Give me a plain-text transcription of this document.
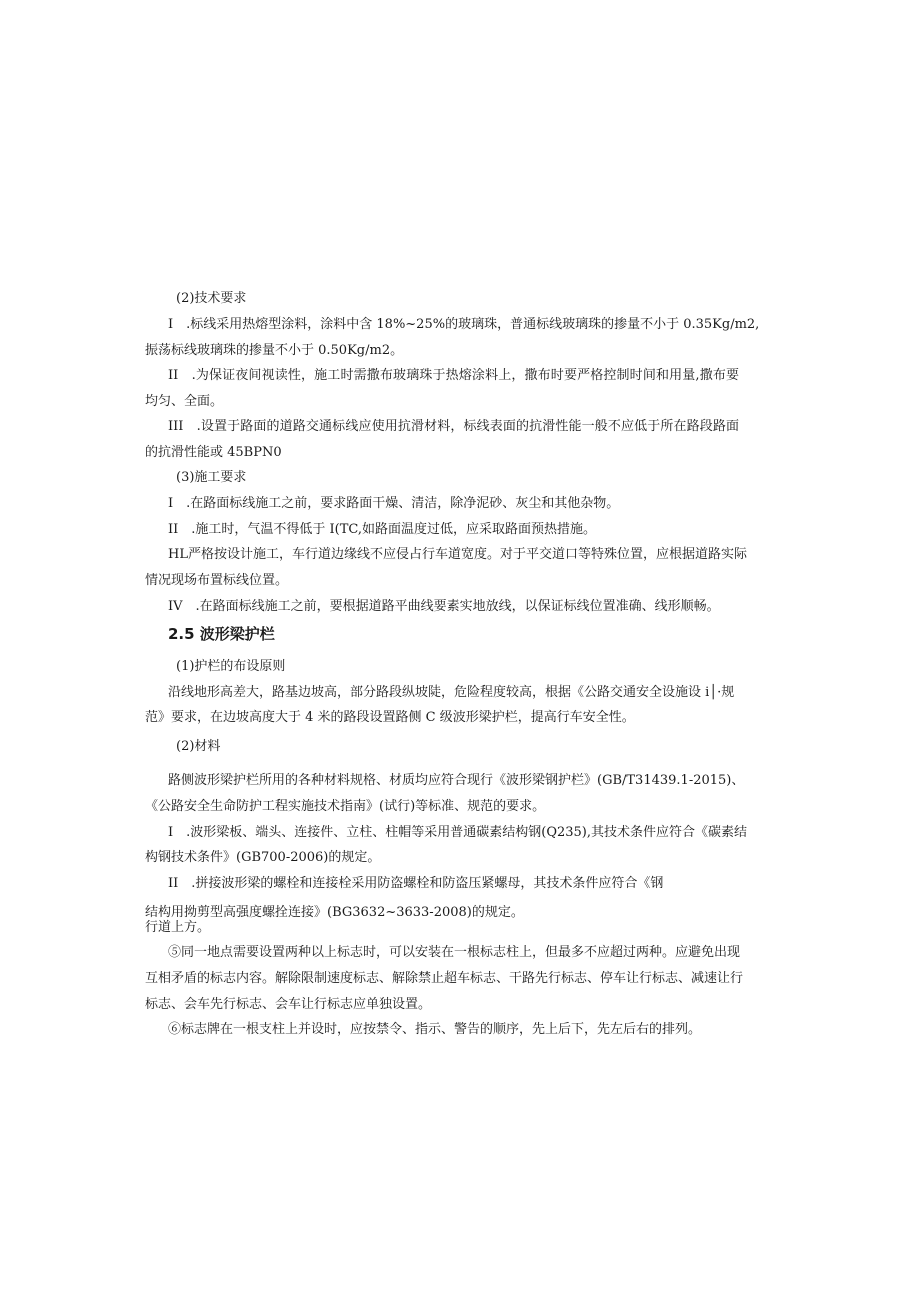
(2)技术要求
I　.标线采用热熔型涂料，涂料中含 18%~25%的玻璃珠，普通标线玻璃珠的掺量不小于 0.35Kg/m2,
振荡标线玻璃珠的掺量不小于 0.50Kg/m2。
II　.为保证夜间视读性，施工时需撒布玻璃珠于热熔涂料上，撒布时要严格控制时间和用量,撒布要
均匀、全面。
III　.设置于路面的道路交通标线应使用抗滑材料，标线表面的抗滑性能一般不应低于所在路段路面
的抗滑性能或 45BPN0
(3)施工要求
I　.在路面标线施工之前，要求路面干燥、清洁，除净泥砂、灰尘和其他杂物。
II　.施工时，气温不得低于 I(TC,如路面温度过低，应采取路面预热措施。
HL严格按设计施工，车行道边缘线不应侵占行车道宽度。对于平交道口等特殊位置，应根据道路实际
情况现场布置标线位置。
IV　.在路面标线施工之前，要根据道路平曲线要素实地放线，以保证标线位置准确、线形顺畅。
2.5 波形梁护栏
(1)护栏的布设原则
沿线地形高差大，路基边坡高，部分路段纵坡陡，危险程度较高，根据《公路交通安全设施设 i│·规
范》要求，在边坡高度大于 4 米的路段设置路侧 C 级波形梁护栏，提高行车安全性。
(2)材料
路侧波形梁护栏所用的各种材料规格、材质均应符合现行《波形梁钢护栏》(GB/T31439.1-2015)、
《公路安全生命防护工程实施技术指南》(试行)等标准、规范的要求。
I　.波形梁板、端头、连接件、立柱、柱帽等采用普通碳素结构钢(Q235),其技术条件应符合《碳素结
构钢技术条件》(GB700-2006)的规定。
II　.拼接波形梁的螺栓和连接栓采用防盗螺栓和防盗压紧螺母，其技术条件应符合《钢
结构用拗剪型高强度螺拴连接》(BG3632~3633-2008)的规定。
行道上方。
⑤同一地点需要设置两种以上标志时，可以安装在一根标志柱上，但最多不应超过两种。应避免出现
互相矛盾的标志内容。解除限制速度标志、解除禁止超车标志、干路先行标志、停车让行标志、减速让行
标志、会车先行标志、会车让行标志应单独设置。
⑥标志牌在一根支柱上并设时，应按禁令、指示、警告的顺序，先上后下，先左后右的排列。
